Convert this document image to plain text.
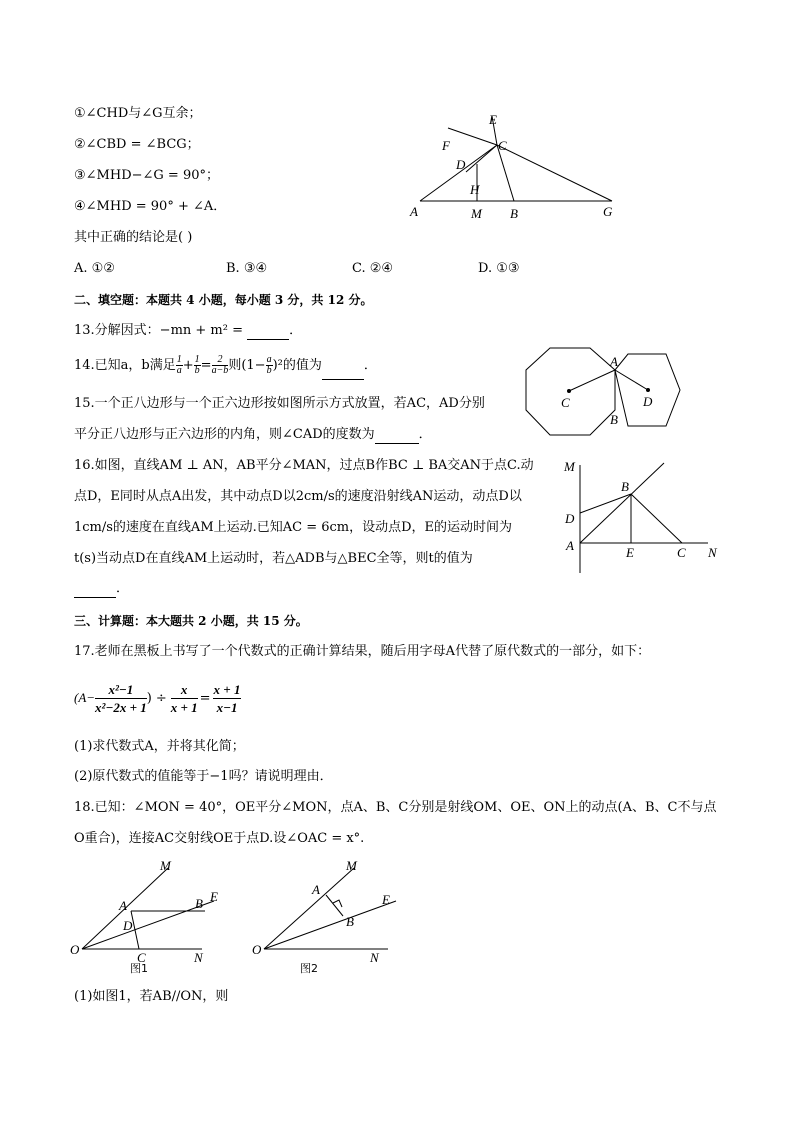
①∠CHD与∠G互余；
②∠CBD = ∠BCG；
③∠MHD−∠G = 90°；
④∠MHD = 90° + ∠A．
其中正确的结论是( )
A. ①②	B. ③④	C. ②④	D. ①③
E
F	C
D
H
A	M B	G
二、填空题：本题共 4 小题，每小题 3 分，共 12 分。
13.分解因式：−mn + m² =	．
14.已知a，b满足 $\frac{1}{a} + \frac{1}{b} = \frac{2}{a-b}$ 则$(1- \frac{a}{b} )^2$的值为	．
15.一个正八边形与一个正六边形按如图所示方式放置，若AC，AD分别
平分正八边形与正六边形的内角，则∠CAD的度数为	．
A
C	D
B
16.如图，直线AM ⊥ AN，AB平分∠MAN，过点B作BC ⊥ BA交AN于点C.动
点D，E同时从点A出发，其中动点D以2cm/s的速度沿射线AN运动，动点D以
1cm/s的速度在直线AM上运动.已知AC = 6cm，设动点D，E的运动时间为
t(s)当动点D在直线AM上运动时，若△ADB与△BEC全等，则t的值为
．
M
B
D
A	E	C N
三、计算题：本大题共 2 小题，共 15 分。
17.老师在黑板上书写了一个代数式的正确计算结果，随后用字母A代替了原代数式的一部分，如下：
($A- \frac{\text{x²−1}}{\text{x²−2x + 1}}$ ) ÷ $\frac{x}{x + 1} = \frac{x + 1}{x-1}$
(1)求代数式A，并将其化简；
(2)原代数式的值能等于−1吗？请说明理由．
18.已知：∠MON = 40°，OE平分∠MON，点A、B、C分别是射线OM、OE、ON上的动点(A、B、C不与点
O重合)，连接AC交射线OE于点D.设∠OAC = x°.
M
A	B E
D
O
C	N
图1
M
A
B
E
O
N
图2
(1)如图1，若AB//ON，则
